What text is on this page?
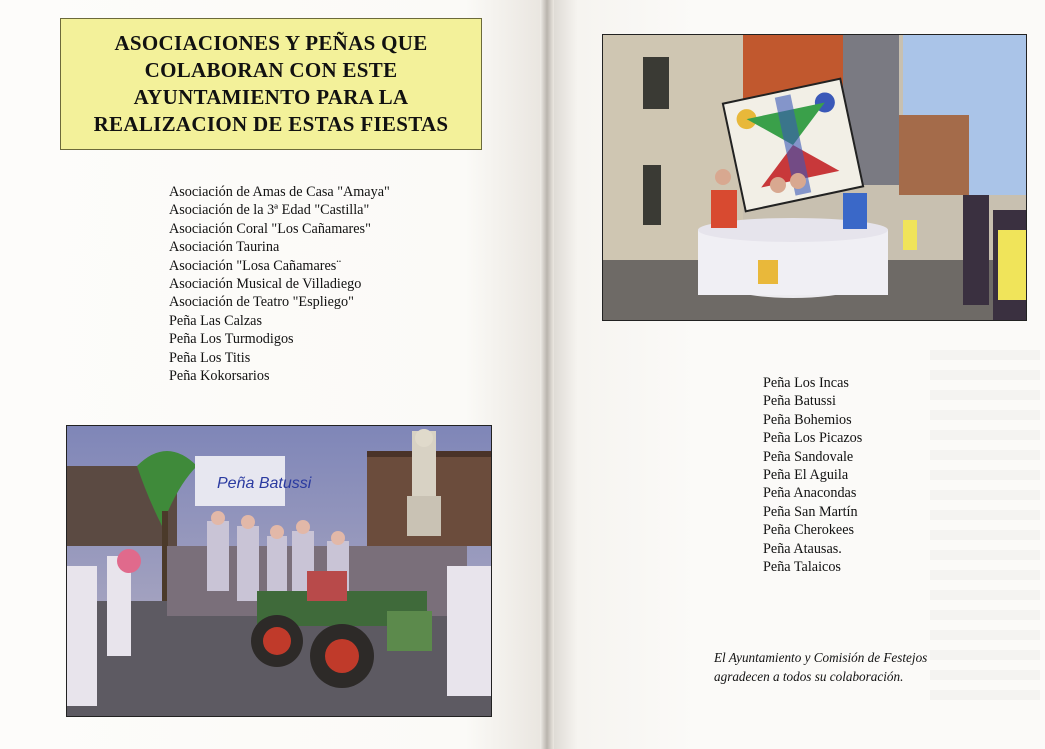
ASOCIACIONES Y PEÑAS QUE COLABORAN CON ESTE AYUNTAMIENTO PARA LA REALIZACION DE ESTAS FIESTAS
Asociación de Amas de Casa "Amaya"
Asociación de la 3ª Edad "Castilla"
Asociación Coral "Los Cañamares"
Asociación Taurina
Asociación "Losa Cañamares¨
Asociación Musical de Villadiego
Asociación de Teatro "Espliego"
Peña Las Calzas
Peña Los Turmodigos
Peña Los Titis
Peña Kokorsarios
Peña Batussi
Peña Los Incas
Peña Batussi
Peña Bohemios
Peña Los Picazos
Peña Sandovale
Peña El Aguila
Peña Anacondas
Peña San Martín
Peña Cherokees
Peña Atausas.
Peña Talaicos

El Ayuntamiento y Comisión de Festejos

agradecen a todos su colaboración.
